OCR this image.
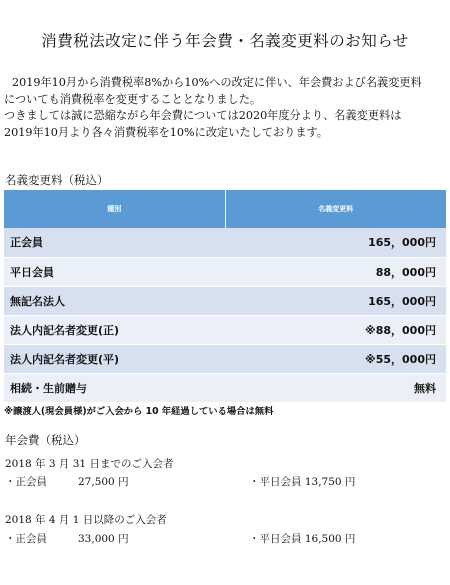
消費税法改定に伴う年会費・名義変更料のお知らせ

2019年10月から消費税率8%から10%への改定に伴い、年会費および名義変更料

についても消費税率を変更することとなりました。

つきましては誠に恐縮ながら年会費については2020年度分より、名義変更料は

2019年10月より各々消費税率を10%に改定いたしております。

名義変更料（税込）
種別	名義変更料
正会員	165，000円
平日会員	88，000円
無記名法人	165，000円
法人内記名者変更(正)	※88，000円
法人内記名者変更(平)	※55，000円
相続・生前贈与	無料
※譲渡人(現会員様)がご入会から 10 年経過している場合は無料
年会費（税込）
2018 年 3 月 31 日までのご入会者
・正会員	27,500 円	・平日会員 13,750 円
2018 年 4 月 1 日以降のご入会者
・正会員	33,000 円	・平日会員 16,500 円
